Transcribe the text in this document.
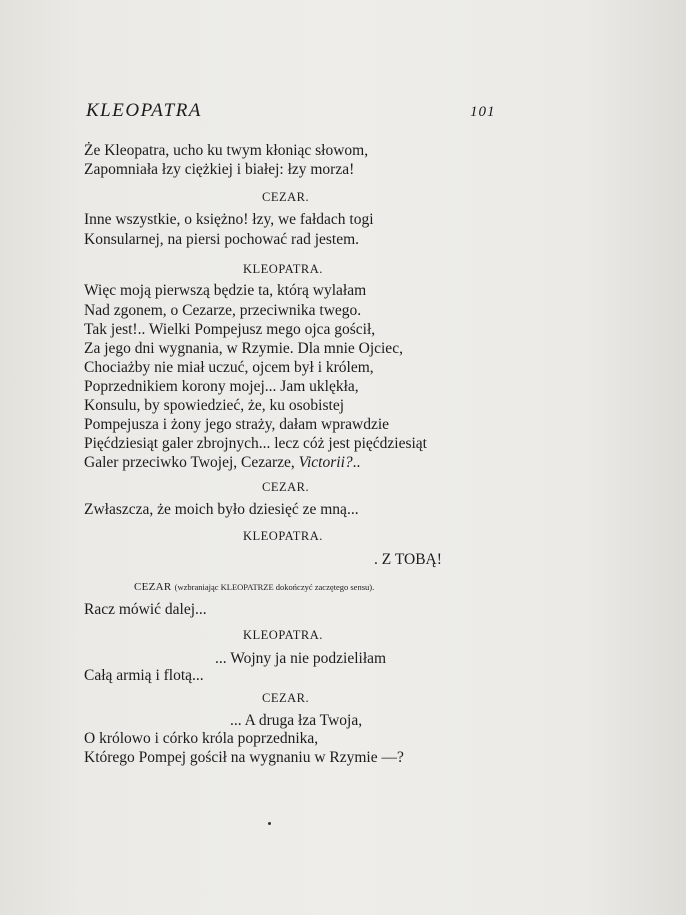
KLEOPATRA	101
Że Kleopatra, ucho ku twym kłoniąc słowom,
Zapomniała łzy ciężkiej i białej: łzy morza!
CEZAR.
Inne wszystkie, o księżno! łzy, we fałdach togi
Konsularnej, na piersi pochować rad jestem.
KLEOPATRA.
Więc moją pierwszą będzie ta, którą wylałam
Nad zgonem, o Cezarze, przeciwnika twego.
Tak jest!.. Wielki Pompejusz mego ojca gościł,
Za jego dni wygnania, w Rzymie. Dla mnie Ojciec,
Chociażby nie miał uczuć, ojcem był i królem,
Poprzednikiem korony mojej... Jam uklękła,
Konsulu, by spowiedzieć, że, ku osobistej
Pompejusza i żony jego straży, dałam wprawdzie
Pięćdziesiąt galer zbrojnych... lecz cóż jest pięćdziesiąt
Galer przeciwko Twojej, Cezarze, Victorii?..
CEZAR.
Zwłaszcza, że moich było dziesięć ze mną...
KLEOPATRA.
. Z TOBĄ!
CEZAR (wzbraniając KLEOPATRZE dokończyć zaczętego sensu).
Racz mówić dalej...
KLEOPATRA.
... Wojny ja nie podzieliłam
Całą armią i flotą...
CEZAR.
... A druga łza Twoja,
O królowo i córko króla poprzednika,
Którego Pompej gościł na wygnaniu w Rzymie —?
